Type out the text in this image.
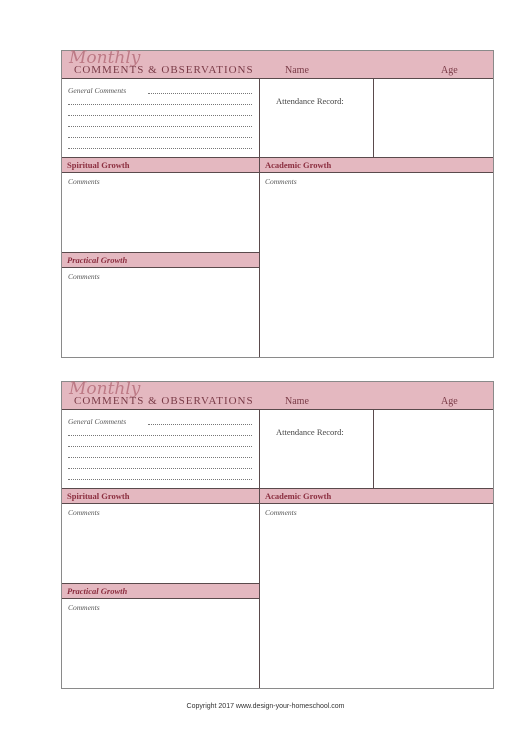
Monthly
COMMENTS & OBSERVATIONS	Name	Age
General Comments
Attendance Record:
Spiritual Growth	Academic Growth
Comments	Comments
Practical Growth
Comments
Monthly
COMMENTS & OBSERVATIONS	Name	Age
General Comments
Attendance Record:
Spiritual Growth	Academic Growth
Comments	Comments
Practical Growth
Comments
Copyright 2017 www.design-your-homeschool.com
